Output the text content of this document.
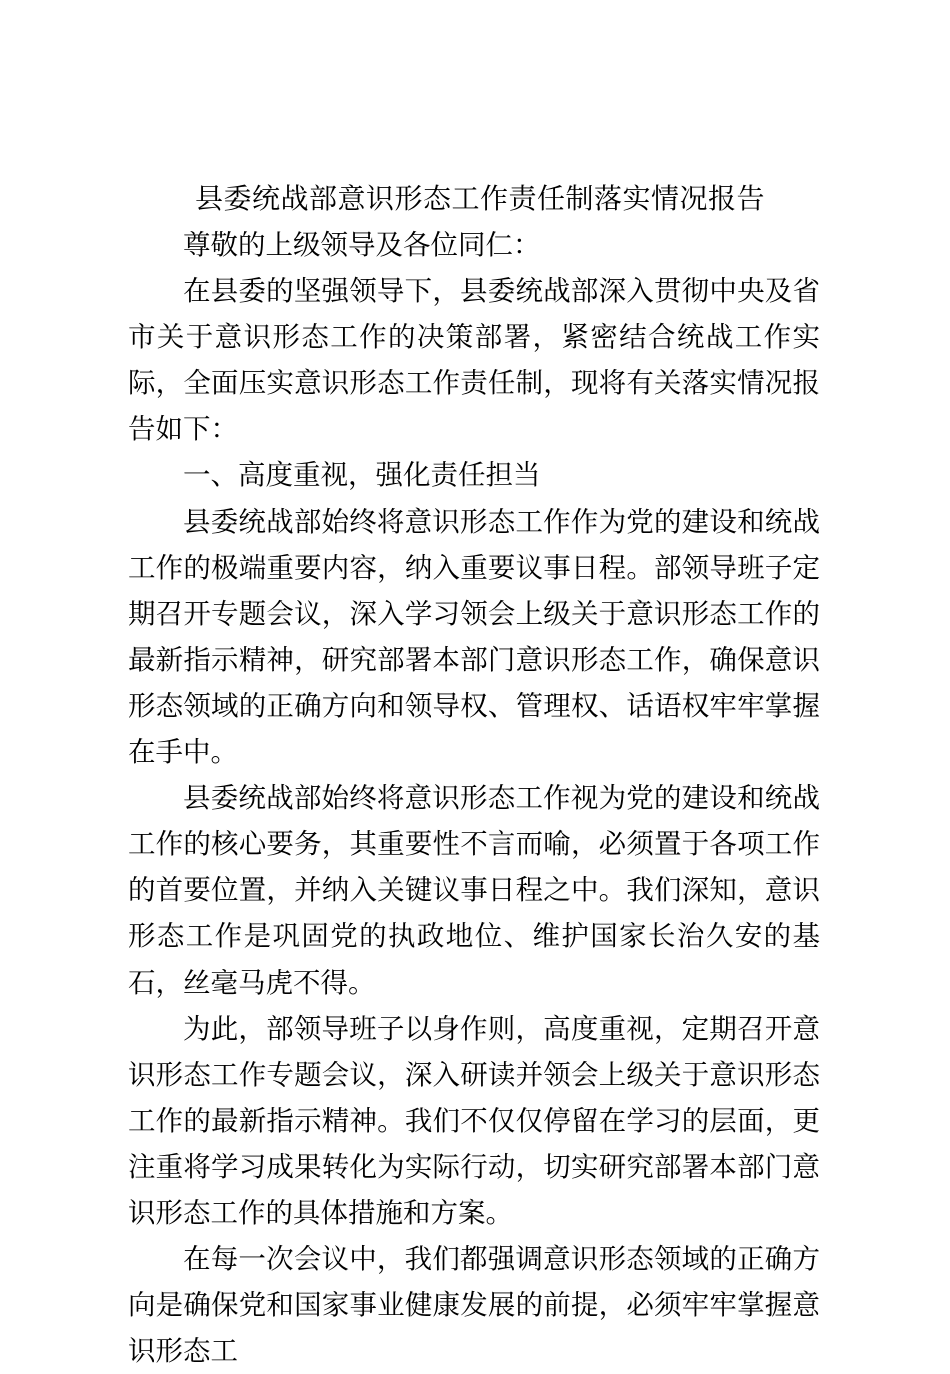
县委统战部意识形态工作责任制落实情况报告

尊敬的上级领导及各位同仁：

在县委的坚强领导下，县委统战部深入贯彻中央及省市关于意识形态工作的决策部署，紧密结合统战工作实际，全面压实意识形态工作责任制，现将有关落实情况报告如下：

一、高度重视，强化责任担当

县委统战部始终将意识形态工作作为党的建设和统战工作的极端重要内容，纳入重要议事日程。部领导班子定期召开专题会议，深入学习领会上级关于意识形态工作的最新指示精神，研究部署本部门意识形态工作，确保意识形态领域的正确方向和领导权、管理权、话语权牢牢掌握在手中。

县委统战部始终将意识形态工作视为党的建设和统战工作的核心要务，其重要性不言而喻，必须置于各项工作的首要位置，并纳入关键议事日程之中。我们深知，意识形态工作是巩固党的执政地位、维护国家长治久安的基石，丝毫马虎不得。

为此，部领导班子以身作则，高度重视，定期召开意识形态工作专题会议，深入研读并领会上级关于意识形态工作的最新指示精神。我们不仅仅停留在学习的层面，更注重将学习成果转化为实际行动，切实研究部署本部门意识形态工作的具体措施和方案。

在每一次会议中，我们都强调意识形态领域的正确方向是确保党和国家事业健康发展的前提，必须牢牢掌握意识形态工
